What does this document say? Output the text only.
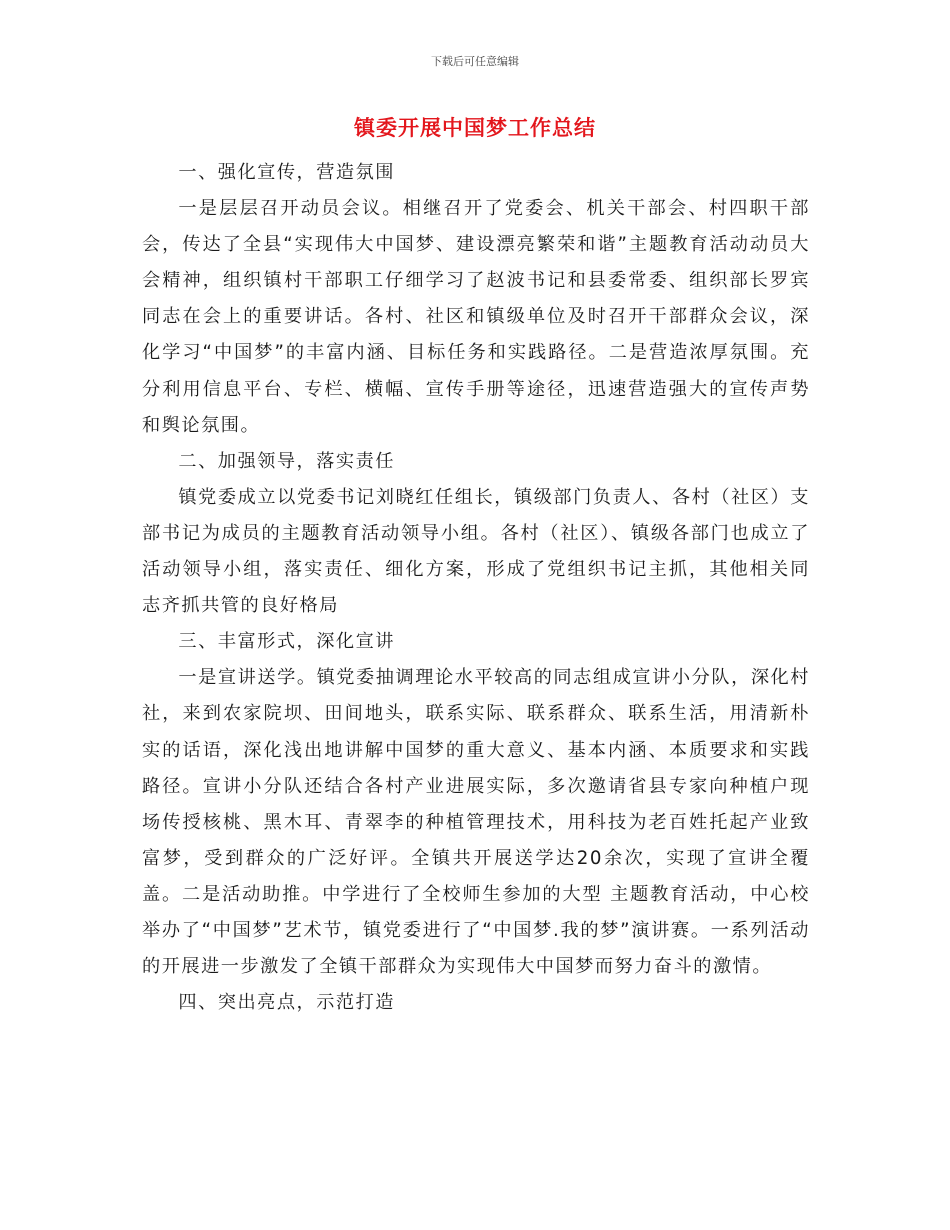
下载后可任意编辑
镇委开展中国梦工作总结

一、强化宣传，营造氛围

一是层层召开动员会议。相继召开了党委会、机关干部会、村四职干部会，传达了全县“实现伟大中国梦、建设漂亮繁荣和谐”主题教育活动动员大会精神，组织镇村干部职工仔细学习了赵波书记和县委常委、组织部长罗宾同志在会上的重要讲话。各村、社区和镇级单位及时召开干部群众会议，深化学习“中国梦”的丰富内涵、目标任务和实践路径。二是营造浓厚氛围。充分利用信息平台、专栏、横幅、宣传手册等途径，迅速营造强大的宣传声势和舆论氛围。

二、加强领导，落实责任

镇党委成立以党委书记刘晓红任组长，镇级部门负责人、各村（社区）支部书记为成员的主题教育活动领导小组。各村（社区）、镇级各部门也成立了活动领导小组，落实责任、细化方案，形成了党组织书记主抓，其他相关同志齐抓共管的良好格局

三、丰富形式，深化宣讲

一是宣讲送学。镇党委抽调理论水平较高的同志组成宣讲小分队，深化村社，来到农家院坝、田间地头，联系实际、联系群众、联系生活，用清新朴实的话语，深化浅出地讲解中国梦的重大意义、基本内涵、本质要求和实践路径。宣讲小分队还结合各村产业进展实际，多次邀请省县专家向种植户现场传授核桃、黑木耳、青翠李的种植管理技术，用科技为老百姓托起产业致富梦，受到群众的广泛好评。全镇共开展送学达20余次，实现了宣讲全覆盖。二是活动助推。中学进行了全校师生参加的大型 主题教育活动，中心校举办了“中国梦”艺术节，镇党委进行了“中国梦.我的梦”演讲赛。一系列活动的开展进一步激发了全镇干部群众为实现伟大中国梦而努力奋斗的激情。

四、突出亮点，示范打造
